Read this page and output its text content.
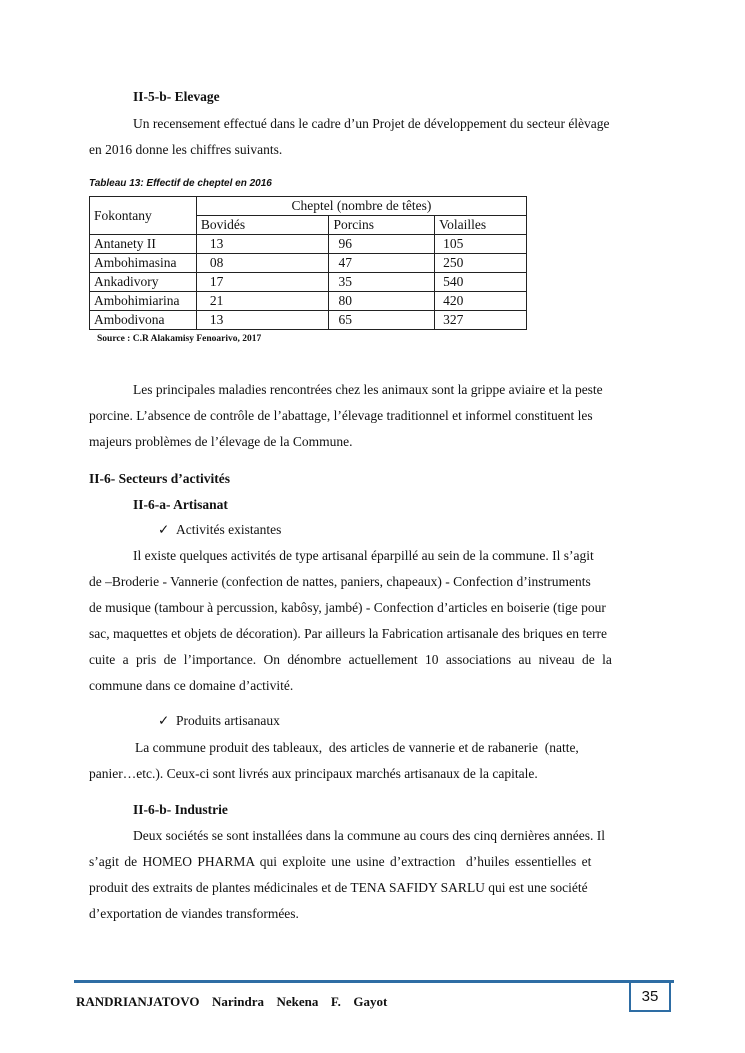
II-5-b- Elevage
Un recensement effectué dans le cadre d’un Projet de développement du secteur élèvage
en 2016 donne les chiffres suivants.
Tableau 13: Effectif de cheptel en 2016
Fokontany	Cheptel (nombre de têtes)		
	Bovidés	Porcins	Volailles
Antanety II	13	96	105
Ambohimasina	08	47	250
Ankadivory	17	35	540
Ambohimiarina	21	80	420
Ambodivona	13	65	327
Source : C.R Alakamisy Fenoarivo, 2017
Les principales maladies rencontrées chez les animaux sont la grippe aviaire et la peste
porcine. L’absence de contrôle de l’abattage, l’élevage traditionnel et informel constituent les
majeurs problèmes de l’élevage de la Commune.
II-6- Secteurs d’activités
II-6-a- Artisanat
✓ Activités existantes
Il existe quelques activités de type artisanal éparpillé au sein de la commune. Il s’agit
de –Broderie - Vannerie (confection de nattes, paniers, chapeaux) - Confection d’instruments
de musique (tambour à percussion, kabôsy, jambé) - Confection d’articles en boiserie (tige pour
sac, maquettes et objets de décoration). Par ailleurs la Fabrication artisanale des briques en terre
cuite a pris de l’importance. On dénombre actuellement 10 associations au niveau de la
commune dans ce domaine d’activité.
✓ Produits artisanaux
La commune produit des tableaux,  des articles de vannerie et de rabanerie  (natte,
panier…etc.). Ceux-ci sont livrés aux principaux marchés artisanaux de la capitale.
II-6-b- Industrie
Deux sociétés se sont installées dans la commune au cours des cinq dernières années. Il
s’agit de HOMEO PHARMA qui exploite une usine d’extraction  d’huiles essentielles et
produit des extraits de plantes médicinales et de TENA SAFIDY SARLU qui est une société
d’exportation de viandes transformées.
35
RANDRIANJATOVO  Narindra  Nekena  F.  Gayot
